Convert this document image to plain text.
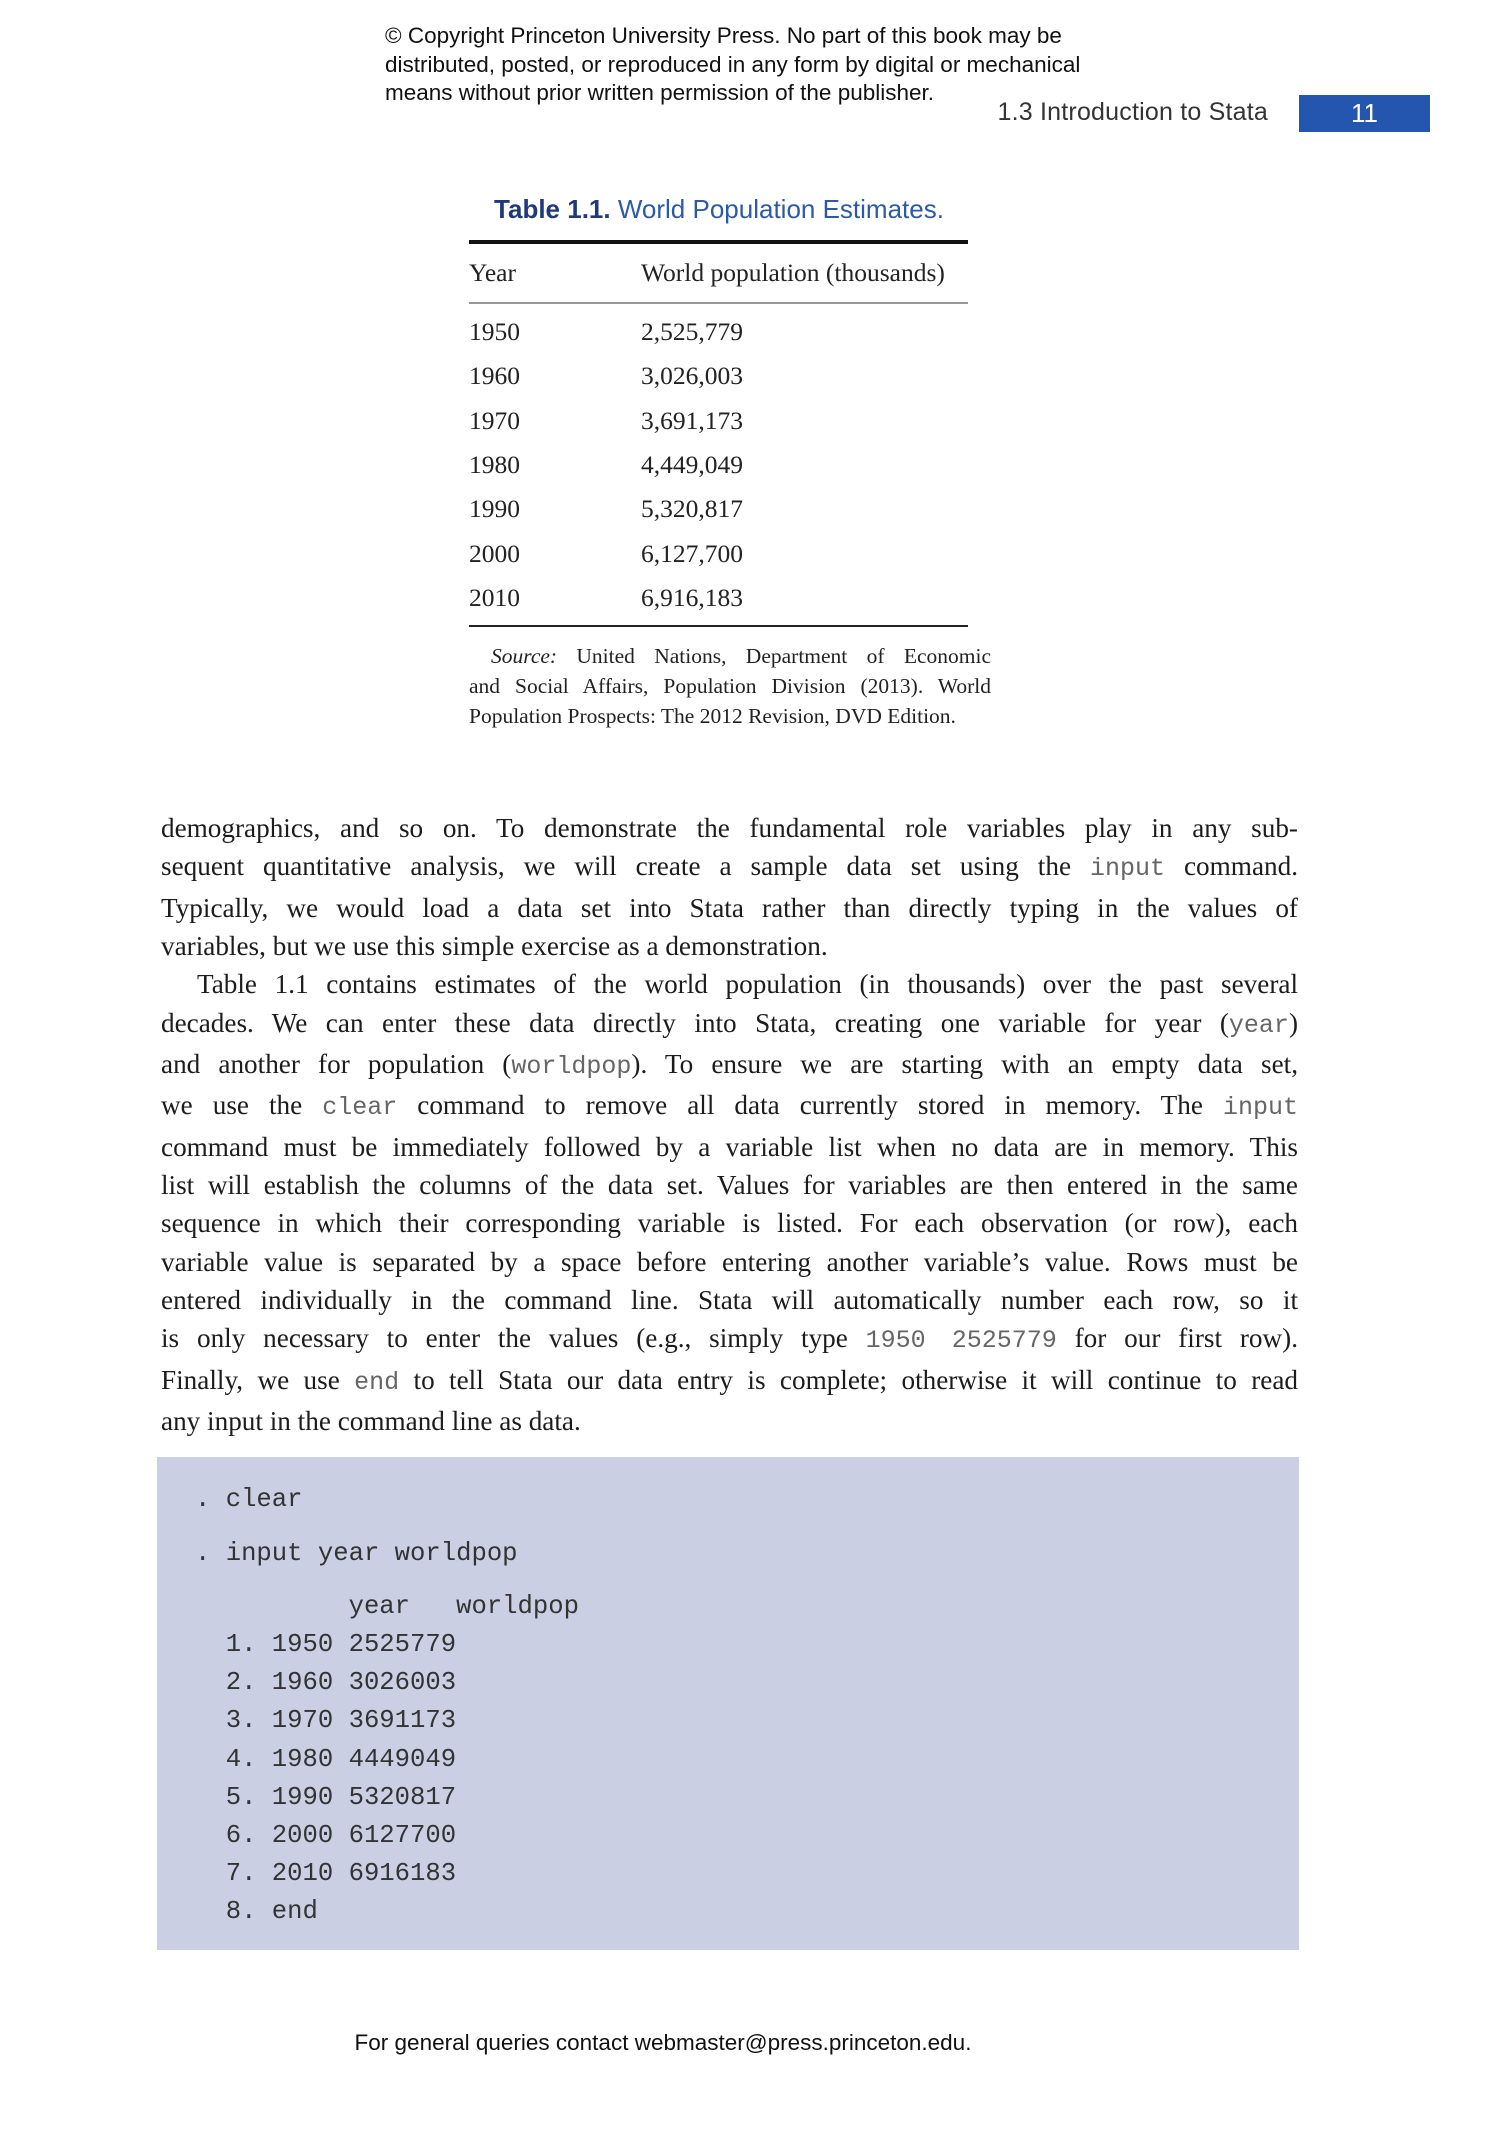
© Copyright Princeton University Press. No part of this book may be
distributed, posted, or reproduced in any form by digital or mechanical
means without prior written permission of the publisher.
1.3 Introduction to Stata	11
Table 1.1. World Population Estimates.
Year	World population (thousands)
1950	2,525,779
1960	3,026,003
1970	3,691,173
1980	4,449,049
1990	5,320,817
2000	6,127,700
2010	6,916,183
Source: United Nations, Department of Economic
and Social Affairs, Population Division (2013). World
Population Prospects: The 2012 Revision, DVD Edition.
demographics, and so on. To demonstrate the fundamental role variables play in any sub-
sequent quantitative analysis, we will create a sample data set using the input command.
Typically, we would load a data set into Stata rather than directly typing in the values of
variables, but we use this simple exercise as a demonstration.
Table 1.1 contains estimates of the world population (in thousands) over the past several
decades. We can enter these data directly into Stata, creating one variable for year (year)
and another for population (worldpop). To ensure we are starting with an empty data set,
we use the clear command to remove all data currently stored in memory. The input
command must be immediately followed by a variable list when no data are in memory. This
list will establish the columns of the data set. Values for variables are then entered in the same
sequence in which their corresponding variable is listed. For each observation (or row), each
variable value is separated by a space before entering another variable’s value. Rows must be
entered individually in the command line. Stata will automatically number each row, so it
is only necessary to enter the values (e.g., simply type 1950 2525779 for our first row).
Finally, we use end to tell Stata our data entry is complete; otherwise it will continue to read
any input in the command line as data.
. clear
. input year worldpop
year   worldpop
1. 1950 2525779
2. 1960 3026003
3. 1970 3691173
4. 1980 4449049
5. 1990 5320817
6. 2000 6127700
7. 2010 6916183
8. end
For general queries contact webmaster@press.princeton.edu.
